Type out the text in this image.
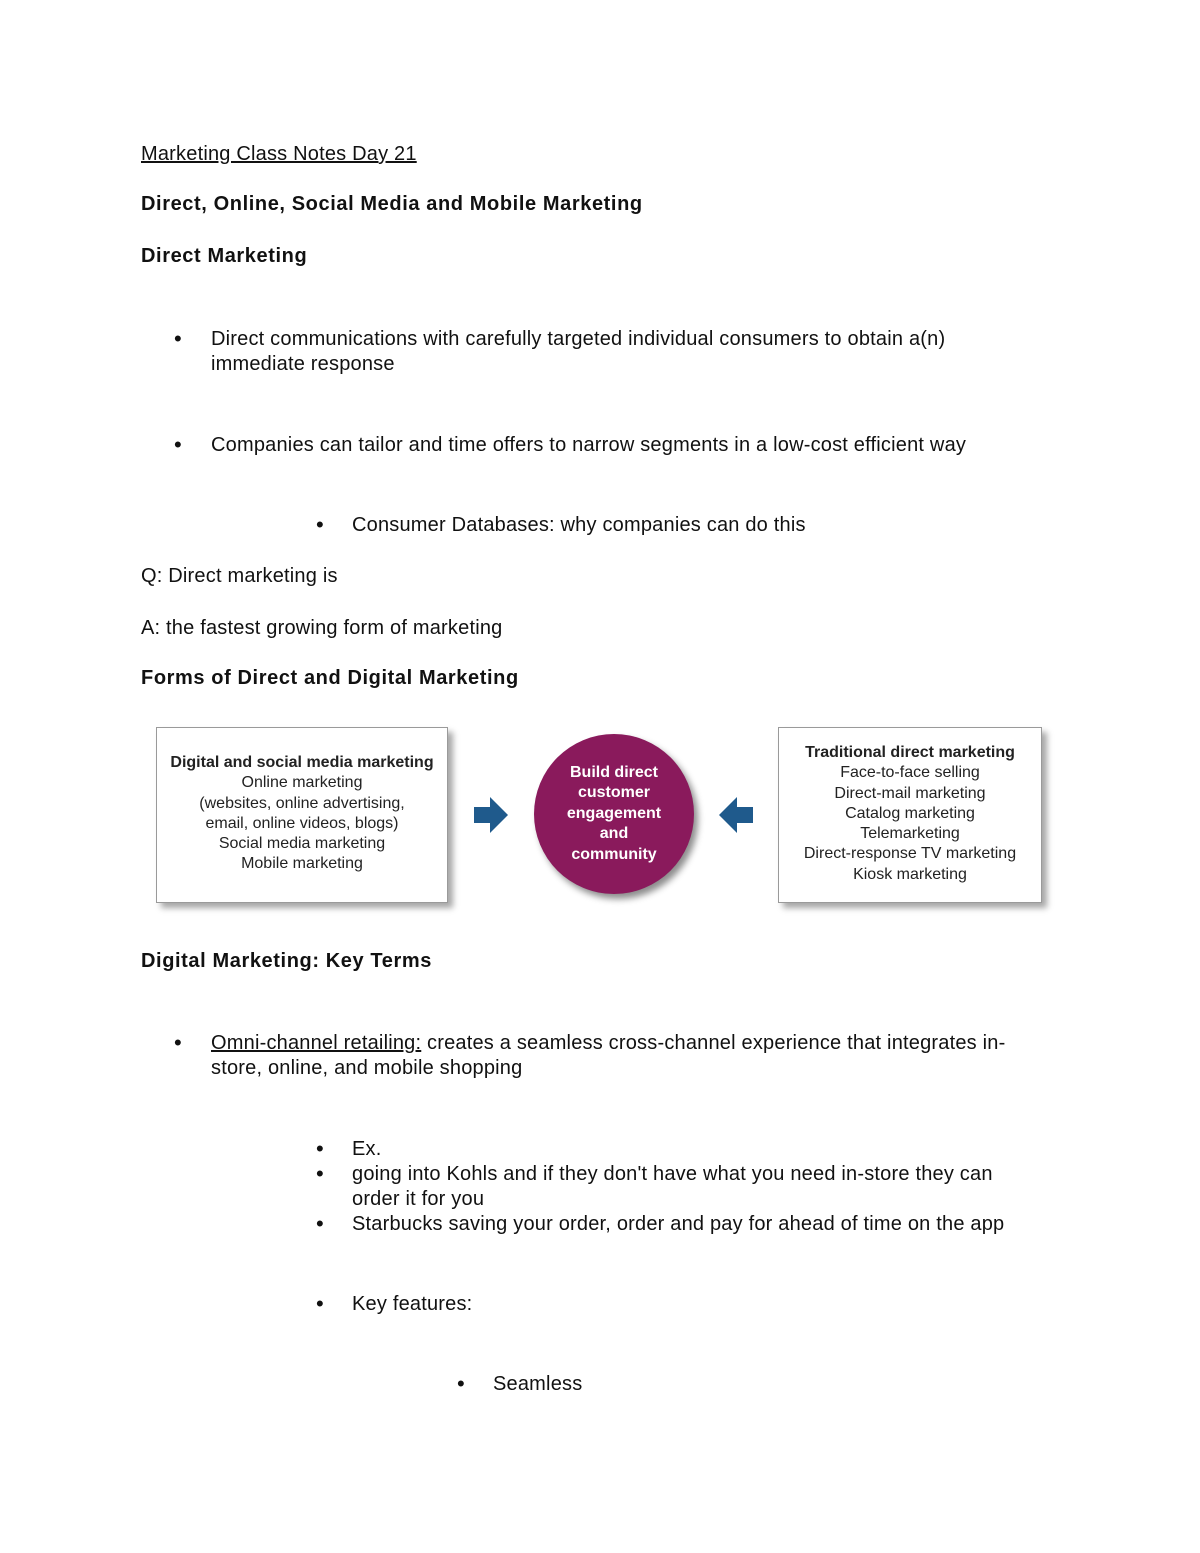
Marketing Class Notes Day 21
Direct, Online, Social Media and Mobile Marketing
Direct Marketing
• Direct communications with carefully targeted individual consumers to obtain a(n)
immediate response
• Companies can tailor and time offers to narrow segments in a low-cost efficient way
• Consumer Databases: why companies can do this
Q: Direct marketing is
A: the fastest growing form of marketing
Forms of Direct and Digital Marketing
Digital and social media marketing
Online marketing
(websites, online advertising,
email, online videos, blogs)
Social media marketing
Mobile marketing
Build direct
customer
engagement
and
community
Traditional direct marketing
Face-to-face selling
Direct-mail marketing
Catalog marketing
Telemarketing
Direct-response TV marketing
Kiosk marketing
Digital Marketing: Key Terms
• Omni-channel retailing: creates a seamless cross-channel experience that integrates in-
store, online, and mobile shopping
• Ex.
• going into Kohls and if they don't have what you need in-store they can
order it for you
• Starbucks saving your order, order and pay for ahead of time on the app
• Key features:
• Seamless
